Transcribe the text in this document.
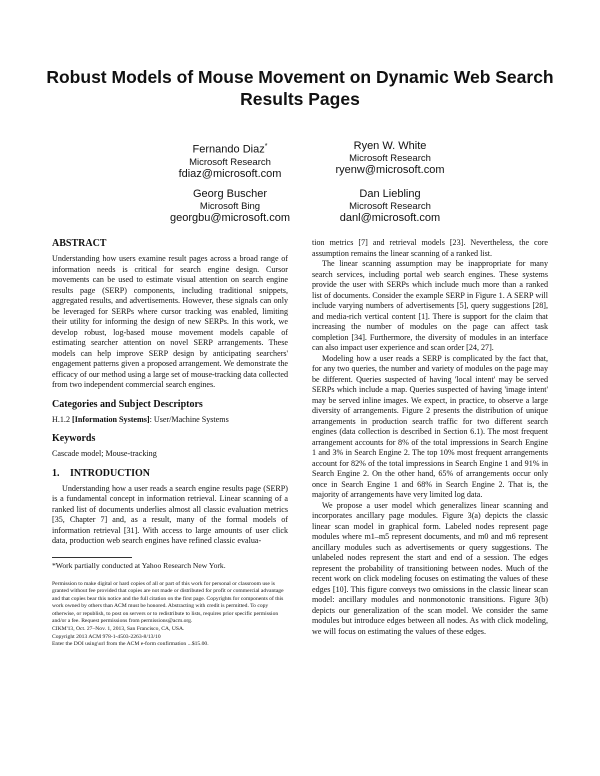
Robust Models of Mouse Movement on Dynamic Web Search Results Pages
Fernando Diaz*
Microsoft Research
fdiaz@microsoft.com
Ryen W. White
Microsoft Research
ryenw@microsoft.com
Georg Buscher
Microsoft Bing
georgbu@microsoft.com
Dan Liebling
Microsoft Research
danl@microsoft.com
ABSTRACT

Understanding how users examine result pages across a broad range of information needs is critical for search engine design. Cursor movements can be used to estimate visual attention on search engine results page (SERP) components, including traditional snippets, aggregated results, and advertisements. However, these signals can only be leveraged for SERPs where cursor tracking was enabled, limiting their utility for informing the design of new SERPs. In this work, we develop robust, log-based mouse movement models capable of estimating searcher attention on novel SERP arrangements. These models can help improve SERP design by anticipating searchers' engagement patterns given a proposed arrangement. We demonstrate the efficacy of our method using a large set of mouse-tracking data collected from two independent commercial search engines.

Categories and Subject Descriptors

H.1.2 [Information Systems]: User/Machine Systems

Keywords

Cascade model; Mouse-tracking

1. INTRODUCTION

Understanding how a user reads a search engine results page (SERP) is a fundamental concept in information retrieval. Linear scanning of a ranked list of documents underlies almost all classic evaluation metrics [35, Chapter 7] and, as a result, many of the formal models of information retrieval [31]. With access to large amounts of user click data, production web search engines have refined classic evalua-

*Work partially conducted at Yahoo Research New York.

Permission to make digital or hard copies of all or part of this work for personal or classroom use is granted without fee provided that copies are not made or distributed for profit or commercial advantage and that copies bear this notice and the full citation on the first page. Copyrights for components of this work owned by others than ACM must be honored. Abstracting with credit is permitted. To copy otherwise, or republish, to post on servers or to redistribute to lists, requires prior specific permission and/or a fee. Request permissions from permissions@acm.org.
CIKM'13, Oct. 27–Nov. 1, 2013, San Francisco, CA, USA.
Copyright 2013 ACM 978-1-4503-2263-8/13/10
Enter the DOI using\url from the ACM e-form confirmation ...$15.00.

tion metrics [7] and retrieval models [23]. Nevertheless, the core assumption remains the linear scanning of a ranked list.

The linear scanning assumption may be inappropriate for many search services, including portal web search engines. These systems provide the user with SERPs which include much more than a ranked list of documents. Consider the example SERP in Figure 1. A SERP will include varying numbers of advertisements [5], query suggestions [28], and media-rich vertical content [1]. There is support for the claim that increasing the number of modules on the page can affect task completion [34]. Furthermore, the diversity of modules in an interface can also impact user experience and scan order [24, 27].

Modeling how a user reads a SERP is complicated by the fact that, for any two queries, the number and variety of modules on the page may be different. Queries suspected of having 'local intent' may be served SERPs which include a map. Queries suspected of having 'image intent' may be served inline images. We expect, in practice, to observe a large diversity of arrangements. Figure 2 presents the distribution of unique arrangements in production search traffic for two different search engines (data collection is described in Section 6.1). The most frequent arrangement accounts for 8% of the total impressions in Search Engine 1 and 3% in Search Engine 2. The top 10% most frequent arrangements account for 82% of the total impressions in Search Engine 1 and 91% in Search Engine 2. On the other hand, 65% of arrangements occur only once in Search Engine 1 and 68% in Search Engine 2. That is, the majority of arrangements have very limited log data.

We propose a user model which generalizes linear scanning and incorporates ancillary page modules. Figure 3(a) depicts the classic linear scan model in graphical form. Labeled nodes represent page modules where m1–m5 represent documents, and m0 and m6 represent ancillary modules such as advertisements or query suggestions. The unlabeled nodes represent the start and end of a session. The edges represent the probability of transitioning between nodes. Much of the recent work on click modeling focuses on estimating the values of these edges [10]. This figure conveys two omissions in the classic linear scan model: ancillary modules and nonmonotonic transitions. Figure 3(b) depicts our generalization of the scan model. We consider the same modules but introduce edges between all nodes. As with click modeling, we will focus on estimating the values of these edges.
